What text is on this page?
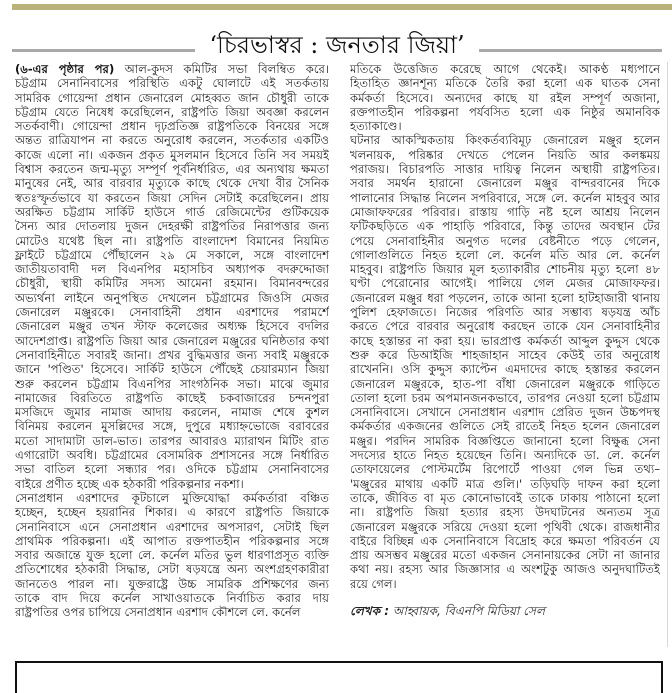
‘চিরভাস্বর : জনতার জিয়া’
(৬-এর পৃষ্ঠার পর) আল-কুদস কমিটির সভা বিলম্বিত করে।
চট্টগ্রাম সেনানিবাসের পরিস্থিতি একটু ঘোলাটে এই সতর্কতায়
সামরিক গোয়েন্দা প্রধান জেনারেল মোহব্বত জান চৌধুরী তাকে
চট্টগ্রাম যেতে নিষেধ করেছিলেন, রাষ্ট্রপতি জিয়া অবজ্ঞা করলেন
সতর্কবাণী। গোয়েন্দা প্রধান দৃঢ়প্রতিজ্ঞ রাষ্ট্রপতিকে বিনয়ের সঙ্গে
অন্তত রাত্রিযাপন না করতে অনুরোধ করলেন, সতর্কতার একটিও
কাজে এলো না। একজন প্রকৃত মুসলমান হিসেবে তিনি সব সময়ই
বিশ্বাস করতেন জন্ম-মৃত্যু সম্পূর্ণ পূর্বনির্ধারিত, এর অন্যথায় ক্ষমতা
মানুষের নেই, আর বারবার মৃত্যুকে কাছে থেকে দেখা বীর সৈনিক
স্বতঃস্ফূর্তভাবে যা করতেন জিয়া সেদিন সেটাই করেছিলেন। প্রায়
অরক্ষিত চট্টগ্রাম সার্কিট হাউসে গার্ড রেজিমেন্টের গুটিকয়েক
সৈন্য আর দোতলায় দুজন দেহরক্ষী রাষ্ট্রপতির নিরাপত্তার জন্য
মোটেও যথেষ্ট ছিল না। রাষ্ট্রপতি বাংলাদেশ বিমানের নিয়মিত
ফ্লাইটে চট্টগ্রামে পৌঁছালেন ২৯ মে সকালে, সঙ্গে বাংলাদেশ
জাতীয়তাবাদী দল বিএনপির মহাসচিব অধ্যাপক বদরুদ্দোজা
চৌধুরী, স্থায়ী কমিটির সদস্য আমেনা রহমান। বিমানবন্দরের
অভ্যর্থনা লাইনে অনুপস্থিত দেখলেন চট্টগ্রামের জিওসি মেজর
জেনারেল মঞ্জুরকে। সেনাবাহিনী প্রধান এরশাদের পরামর্শে
জেনারেল মঞ্জুর তখন স্টাফ কলেজের অধ্যক্ষ হিসেবে বদলির
আদেশপ্রাপ্ত। রাষ্ট্রপতি জিয়া আর জেনারেল মঞ্জুরের ঘনিষ্ঠতার কথা
সেনাবাহিনীতে সবারই জানা। প্রখর বুদ্ধিমত্তার জন্য সবাই মঞ্জুরকে
জানে 'পণ্ডিত' হিসেবে। সার্কিট হাউসে পৌঁছেই চেয়ারম্যান জিয়া
শুরু করলেন চট্টগ্রাম বিএনপির সাংগঠনিক সভা। মাঝে জুমার
নামাজের বিরতিতে রাষ্ট্রপতি কাছেই চকবাজারের চন্দনপুরা
মসজিদে জুমার নামাজ আদায় করলেন, নামাজ শেষে কুশল
বিনিময় করলেন মুসল্লিদের সঙ্গে, দুপুরে মধ্যাহ্নভোজে বরাবরের
মতো সাদামাটা ডাল-ভাত। তারপর আবারও ম্যারাথন মিটিং রাত
এগারোটা অবধি। চট্টগ্রামের বেসামরিক প্রশাসনের সঙ্গে নির্ধারিত
সভা বাতিল হলো সন্ধ্যার পর। ওদিকে চট্টগ্রাম সেনানিবাসের
বাইরে প্রণীত হচ্ছে এক হঠকারী পরিকল্পনার নকশা।
সেনাপ্রধান এরশাদের কূটচালে মুক্তিযোদ্ধা কর্মকর্তারা বঞ্চিত
হচ্ছেন, হচ্ছেন হয়রানির শিকার। এ কারণে রাষ্ট্রপতি জিয়াকে
সেনানিবাসে এনে সেনাপ্রধান এরশাদের অপসারণ, সেটাই ছিল
প্রাথমিক পরিকল্পনা। এই আপাত রক্তপাতহীন পরিকল্পনার সঙ্গে
সবার অজান্তে যুক্ত হলো লে. কর্নেল মতির ভুল ধারণাপ্রসূত ব্যক্তি
প্রতিশোধের হঠকারী সিদ্ধান্ত, সেটা ষড়যন্ত্রে অন্য অংশগ্রহণকারীরা
জানতেও পারল না। যুক্তরাষ্ট্রে উচ্চ সামরিক প্রশিক্ষণের জন্য
তাকে বাদ দিয়ে কর্নেল সাখাওয়াতকে নির্বাচিত করার দায়
রাষ্ট্রপতির ওপর চাপিয়ে সেনাপ্রধান এরশাদ কৌশলে লে. কর্নেল
মতিকে উত্তেজিত করেছে আগে থেকেই। আকণ্ঠ মধ্যপানে
হিতাহিত জ্ঞানশূন্য মতিকে তৈরি করা হলো এক ঘাতক সেনা
কর্মকর্তা হিসেবে। অন্যদের কাছে যা রইল সম্পূর্ণ অজানা,
রক্তপাতহীন পরিকল্পনা পর্যবসিত হলো এক নিষ্ঠুর অমানবিক
হত্যাকাণ্ডে।
ঘটনার আকস্মিকতায় কিংকর্তব্যবিমূঢ় জেনারেল মঞ্জুর হলেন
খলনায়ক, পরিষ্কার দেখতে পেলেন নিয়তি আর কলঙ্কময়
পরাজয়। বিচারপতি সাত্তার দায়িত্ব নিলেন অস্থায়ী রাষ্ট্রপতির।
সবার সমর্থন হারানো জেনারেল মঞ্জুর বান্দরবানের দিকে
পালানোর সিদ্ধান্ত নিলেন সপরিবারে, সঙ্গে লে. কর্নেল মাহবুব আর
মোজাফফরের পরিবার। রাস্তায় গাড়ি নষ্ট হলে আশ্রয় নিলেন
ফটিকছড়িতে এক পাহাড়ি পরিবারে, কিন্তু তাদের অবস্থান টের
পেয়ে সেনাবাহিনীর অনুগত দলের বেষ্টনীতে পড়ে গেলেন,
গোলাগুলিতে নিহত হলো লে. কর্নেল মতি আর লে. কর্নেল
মাহবুব। রাষ্ট্রপতি জিয়ার মূল হত্যাকারীর শোচনীয় মৃত্যু হলো ৪৮
ঘণ্টা পেরোনোর আগেই। পালিয়ে গেল মেজর মোজাফফর।
জেনারেল মঞ্জুর ধরা পড়লেন, তাকে আনা হলো হাটহাজারী থানায়
পুলিশ হেফাজতে। নিজের পরিণতি আর সম্ভাব্য ষড়যন্ত্র আঁচ
করতে পেরে বারবার অনুরোধ করছেন তাকে যেন সেনাবাহিনীর
কাছে হস্তান্তর না করা হয়। ভারপ্রাপ্ত কর্মকর্তা আব্দুল কুদ্দুস থেকে
শুরু করে ডিআইজি শাহজাহান সাহেব কেউই তার অনুরোধ
রাখেননি। ওসি কুদ্দুস ক্যাপ্টেন এমদাদের কাছে হস্তান্তর করলেন
জেনারেল মঞ্জুরকে, হাত-পা বাঁধা জেনারেল মঞ্জুরকে গাড়িতে
তোলা হলো চরম অপমানজনকভাবে, তারপর নেওয়া হলো চট্টগ্রাম
সেনানিবাসে। সেখানে সেনাপ্রধান এরশাদ প্রেরিত দুজন উচ্চপদস্থ
কর্মকর্তার একজনের গুলিতে সেই রাতেই নিহত হলেন জেনারেল
মঞ্জুর। পরদিন সামরিক বিজ্ঞপ্তিতে জানানো হলো বিক্ষুব্ধ সেনা
সদস্যের হাতে নিহত হয়েছেন তিনি। অন্যদিকে ডা. লে. কর্নেল
তোফায়েলের পোস্টমর্টেম রিপোর্টে পাওয়া গেল ভিন্ন তথ্য–
'মঞ্জুরের মাথায় একটি মাত্র গুলি।' তড়িঘড়ি দাফন করা হলো
তাকে, জীবিত বা মৃত কোনোভাবেই তাকে ঢাকায় পাঠানো হলো
না। রাষ্ট্রপতি জিয়া হত্যার রহস্য উদঘাটনের অন্যতম সূত্র
জেনারেল মঞ্জুরকে সরিয়ে দেওয়া হলো পৃথিবী থেকে। রাজধানীর
বাইরে বিচ্ছিন্ন এক সেনানিবাসে বিদ্রোহ করে ক্ষমতা পরিবর্তন যে
প্রায় অসম্ভব মঞ্জুরের মতো একজন সেনানায়কের সেটা না জানার
কথা নয়। রহস্য আর জিজ্ঞাসার এ অংশটুকু আজও অনুদঘাটিতই
রয়ে গেল।
লেখক : আহ্বায়ক, বিএনপি মিডিয়া সেল
